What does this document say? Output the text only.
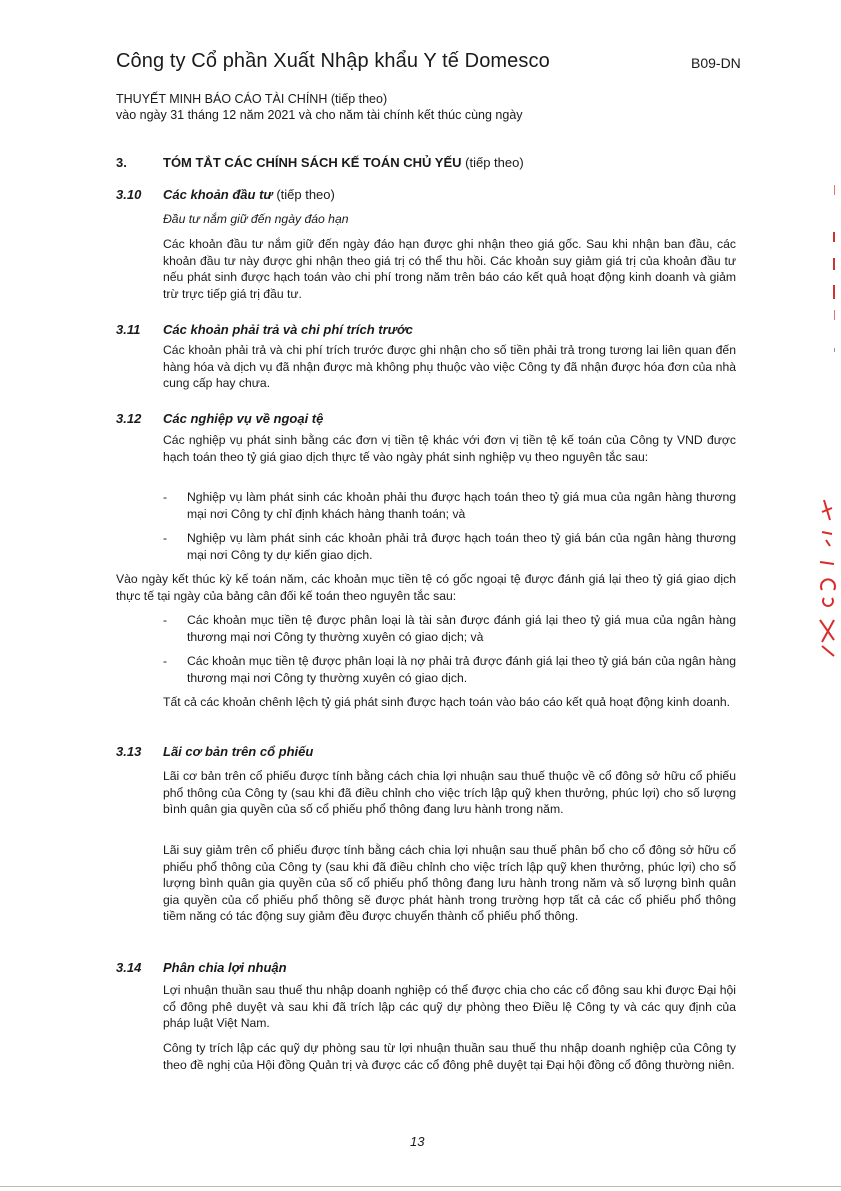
Công ty Cổ phần Xuất Nhập khẩu Y tế Domesco	B09-DN
THUYẾT MINH BÁO CÁO TÀI CHÍNH (tiếp theo)
vào ngày 31 tháng 12 năm 2021 và cho năm tài chính kết thúc cùng ngày
3.	TÓM TẮT CÁC CHÍNH SÁCH KẾ TOÁN CHỦ YẾU (tiếp theo)
3.10 Các khoản đầu tư (tiếp theo)
Đầu tư nắm giữ đến ngày đáo hạn

Các khoản đầu tư nắm giữ đến ngày đáo hạn được ghi nhận theo giá gốc. Sau khi nhận ban đầu, các khoản đầu tư này được ghi nhận theo giá trị có thể thu hồi. Các khoản suy giảm giá trị của khoản đầu tư nếu phát sinh được hạch toán vào chi phí trong năm trên báo cáo kết quả hoạt động kinh doanh và giảm trừ trực tiếp giá trị đầu tư.

3.11 Các khoản phải trả và chi phí trích trước

Các khoản phải trả và chi phí trích trước được ghi nhận cho số tiền phải trả trong tương lai liên quan đến hàng hóa và dịch vụ đã nhận được mà không phụ thuộc vào việc Công ty đã nhận được hóa đơn của nhà cung cấp hay chưa.

3.12 Các nghiệp vụ về ngoại tệ

Các nghiệp vụ phát sinh bằng các đơn vị tiền tệ khác với đơn vị tiền tệ kế toán của Công ty VND được hạch toán theo tỷ giá giao dịch thực tế vào ngày phát sinh nghiệp vụ theo nguyên tắc sau:

- Nghiệp vụ làm phát sinh các khoản phải thu được hạch toán theo tỷ giá mua của ngân hàng thương mại nơi Công ty chỉ định khách hàng thanh toán; và
- Nghiệp vụ làm phát sinh các khoản phải trả được hạch toán theo tỷ giá bán của ngân hàng thương mại nơi Công ty dự kiến giao dịch.

Vào ngày kết thúc kỳ kế toán năm, các khoản mục tiền tệ có gốc ngoại tệ được đánh giá lại theo tỷ giá giao dịch thực tế tại ngày của bảng cân đối kế toán theo nguyên tắc sau:

- Các khoản mục tiền tệ được phân loại là tài sản được đánh giá lại theo tỷ giá mua của ngân hàng thương mại nơi Công ty thường xuyên có giao dịch; và
- Các khoản mục tiền tệ được phân loại là nợ phải trả được đánh giá lại theo tỷ giá bán của ngân hàng thương mại nơi Công ty thường xuyên có giao dịch.

Tất cả các khoản chênh lệch tỷ giá phát sinh được hạch toán vào báo cáo kết quả hoạt động kinh doanh.

3.13 Lãi cơ bản trên cổ phiếu

Lãi cơ bản trên cổ phiếu được tính bằng cách chia lợi nhuận sau thuế thuộc về cổ đông sở hữu cổ phiếu phổ thông của Công ty (sau khi đã điều chỉnh cho việc trích lập quỹ khen thưởng, phúc lợi) cho số lượng bình quân gia quyền của số cổ phiếu phổ thông đang lưu hành trong năm.

Lãi suy giảm trên cổ phiếu được tính bằng cách chia lợi nhuận sau thuế phân bổ cho cổ đông sở hữu cổ phiếu phổ thông của Công ty (sau khi đã điều chỉnh cho việc trích lập quỹ khen thưởng, phúc lợi) cho số lượng bình quân gia quyền của số cổ phiếu phổ thông đang lưu hành trong năm và số lượng bình quân gia quyền của cổ phiếu phổ thông sẽ được phát hành trong trường hợp tất cả các cổ phiếu phổ thông tiềm năng có tác động suy giảm đều được chuyển thành cổ phiếu phổ thông.

3.14 Phân chia lợi nhuận

Lợi nhuận thuần sau thuế thu nhập doanh nghiệp có thể được chia cho các cổ đông sau khi được Đại hội cổ đông phê duyệt và sau khi đã trích lập các quỹ dự phòng theo Điều lệ Công ty và các quy định của pháp luật Việt Nam.

Công ty trích lập các quỹ dự phòng sau từ lợi nhuận thuần sau thuế thu nhập doanh nghiệp của Công ty theo đề nghị của Hội đồng Quản trị và được các cổ đông phê duyệt tại Đại hội đồng cổ đông thường niên.

13
